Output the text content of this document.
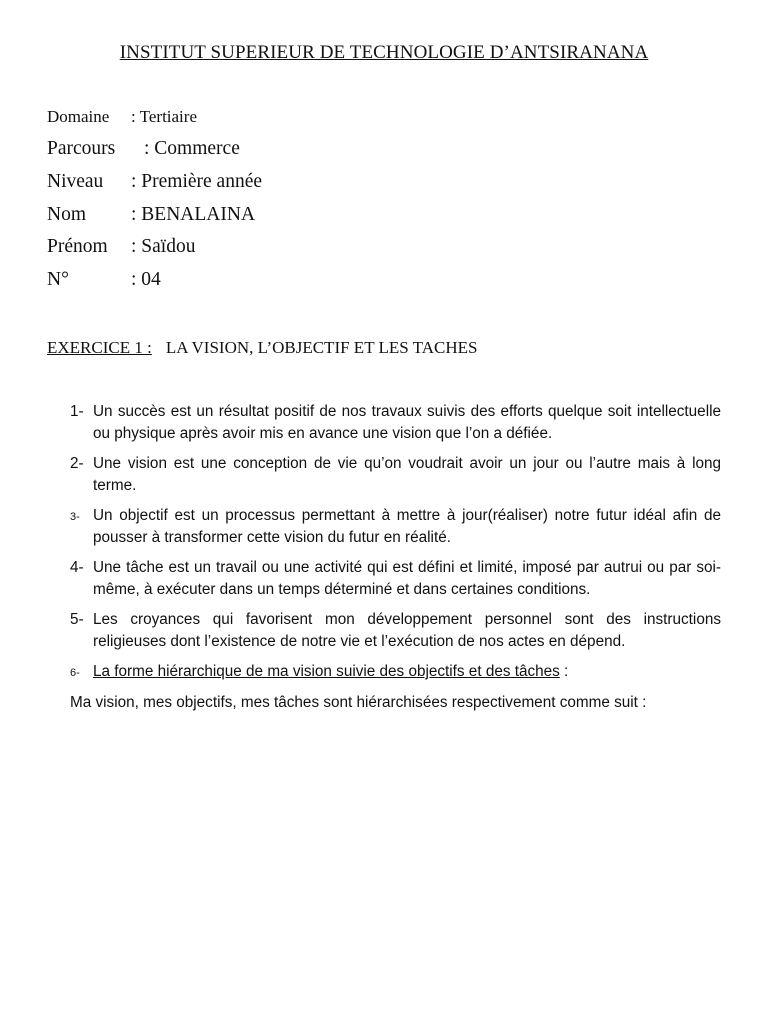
INSTITUT SUPERIEUR DE TECHNOLOGIE D’ANTSIRANANA
Domaine : Tertiaire
Parcours : Commerce
Niveau : Première année
Nom : BENALAINA
Prénom : Saïdou
N°	: 04
EXERCICE 1 : LA VISION, L’OBJECTIF ET LES TACHES
1- Un succès est un résultat positif de nos travaux suivis des efforts quelque soit intellectuelle ou physique après avoir mis en avance une vision que l’on a défiée.
2- Une vision est une conception de vie qu’on voudrait avoir un jour ou l’autre mais à long terme.
3- Un objectif est un processus permettant à mettre à jour(réaliser) notre futur idéal afin de pousser à transformer cette vision du futur en réalité.
4- Une tâche est un travail ou une activité qui est défini et limité, imposé par autrui ou par soi-même, à exécuter dans un temps déterminé et dans certaines conditions.
5- Les croyances qui favorisent mon développement personnel sont des instructions religieuses dont l’existence de notre vie et l’exécution de nos actes en dépend.
6- La forme hiérarchique de ma vision suivie des objectifs et des tâches :
Ma vision, mes objectifs, mes tâches sont hiérarchisées respectivement comme suit :
